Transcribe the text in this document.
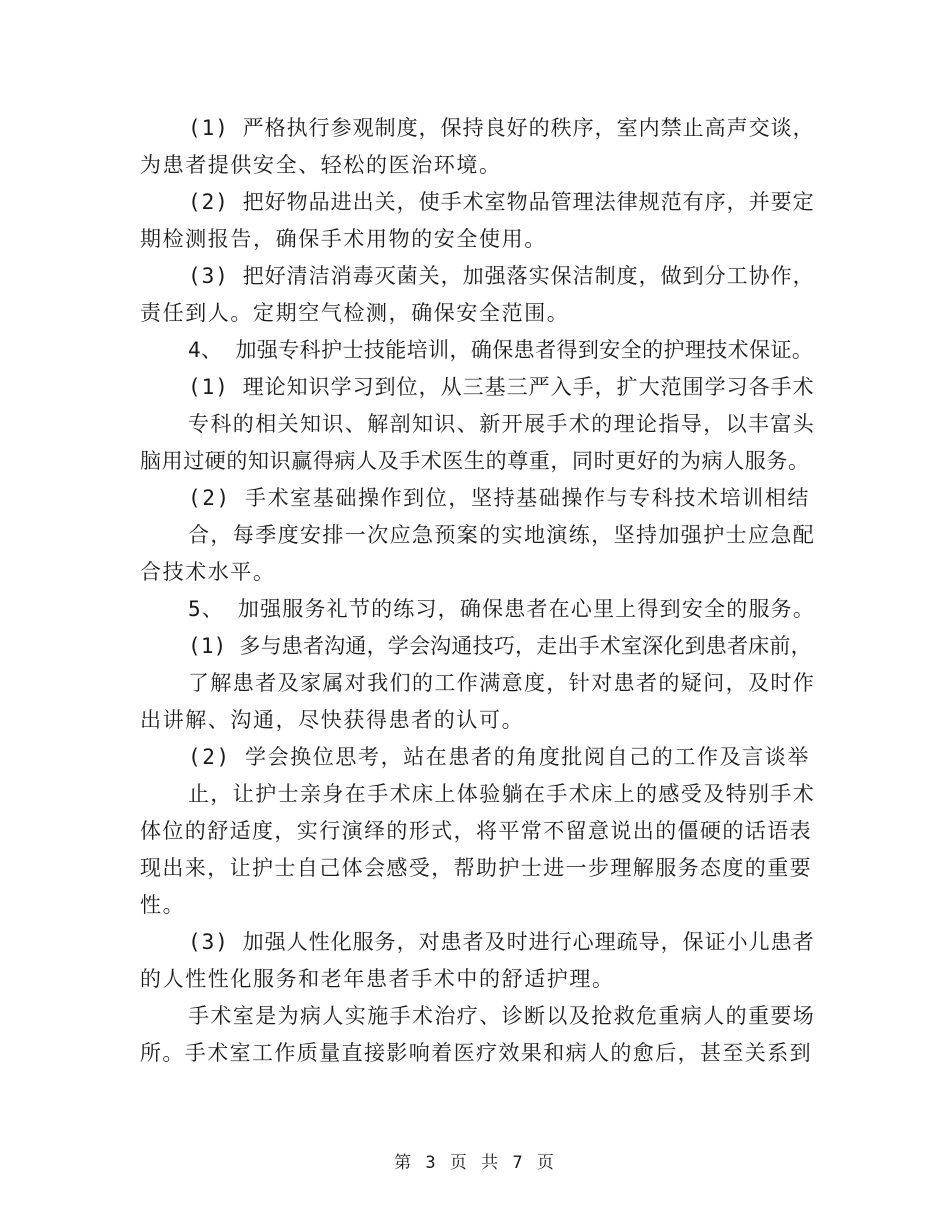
(1) 严格执行参观制度，保持良好的秩序，室内禁止高声交谈，
为患者提供安全、轻松的医治环境。
(2) 把好物品进出关，使手术室物品管理法律规范有序，并要定
期检测报告，确保手术用物的安全使用。
(3) 把好清洁消毒灭菌关，加强落实保洁制度，做到分工协作，
责任到人。定期空气检测，确保安全范围。
4、 加强专科护士技能培训，确保患者得到安全的护理技术保证。
(1) 理论知识学习到位，从三基三严入手，扩大范围学习各手术
专科的相关知识、解剖知识、新开展手术的理论指导，以丰富头
脑用过硬的知识赢得病人及手术医生的尊重，同时更好的为病人服务。
(2) 手术室基础操作到位，坚持基础操作与专科技术培训相结
合，每季度安排一次应急预案的实地演练，坚持加强护士应急配
合技术水平。
5、 加强服务礼节的练习，确保患者在心里上得到安全的服务。
(1) 多与患者沟通，学会沟通技巧，走出手术室深化到患者床前，
了解患者及家属对我们的工作满意度，针对患者的疑问，及时作
出讲解、沟通，尽快获得患者的认可。
(2) 学会换位思考，站在患者的角度批阅自己的工作及言谈举
止，让护士亲身在手术床上体验躺在手术床上的感受及特别手术
体位的舒适度，实行演绎的形式，将平常不留意说出的僵硬的话语表
现出来，让护士自己体会感受，帮助护士进一步理解服务态度的重要
性。
(3) 加强人性化服务，对患者及时进行心理疏导，保证小儿患者
的人性性化服务和老年患者手术中的舒适护理。
手术室是为病人实施手术治疗、诊断以及抢救危重病人的重要场
所。手术室工作质量直接影响着医疗效果和病人的愈后，甚至关系到
第 3 页 共 7 页
